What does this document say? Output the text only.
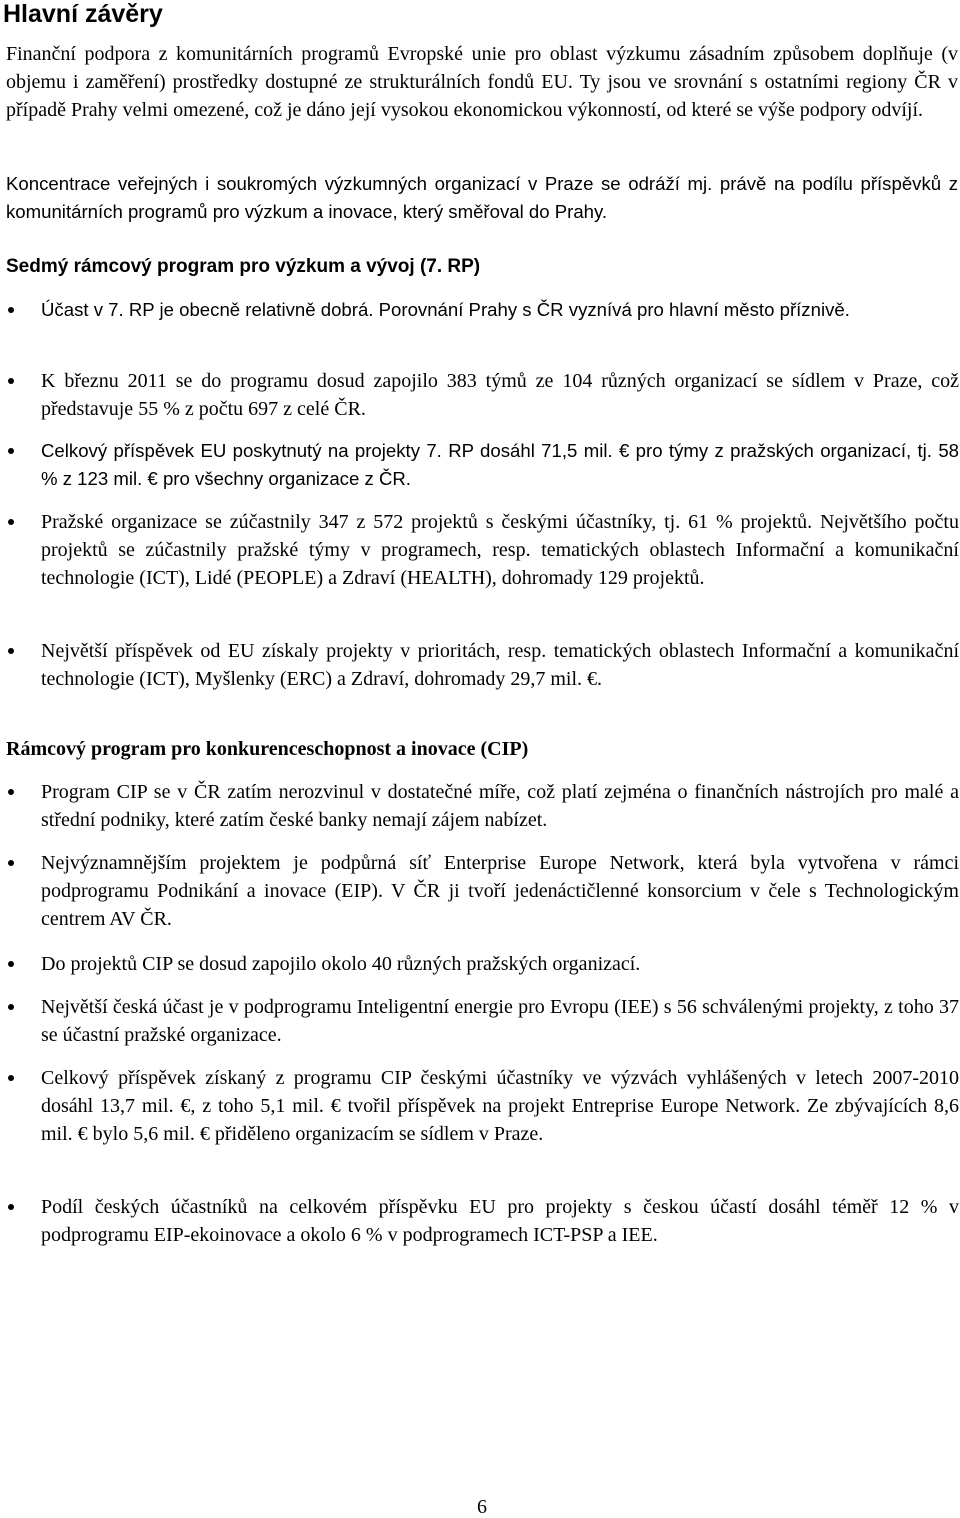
Hlavní závěry

Finanční podpora z komunitárních programů Evropské unie pro oblast výzkumu zásadním způsobem doplňuje (v objemu i zaměření) prostředky dostupné ze strukturálních fondů EU. Ty jsou ve srovnání s ostatními regiony ČR v případě Prahy velmi omezené, což je dáno její vysokou ekonomickou výkonností, od které se výše podpory odvíjí.

Koncentrace veřejných i soukromých výzkumných organizací v Praze se odráží mj. právě na podílu příspěvků z komunitárních programů pro výzkum a inovace, který směřoval do Prahy.

Sedmý rámcový program pro výzkum a vývoj (7. RP)

Účast v 7. RP je obecně relativně dobrá. Porovnání Prahy s ČR vyznívá pro hlavní město příznivě.

K březnu 2011 se do programu dosud zapojilo 383 týmů ze 104 různých organizací se sídlem v Praze, což představuje 55 % z počtu 697 z celé ČR.

Celkový příspěvek EU poskytnutý na projekty 7. RP dosáhl 71,5 mil. € pro týmy z pražských organizací, tj. 58 % z 123 mil. € pro všechny organizace z ČR.

Pražské organizace se zúčastnily 347 z 572 projektů s českými účastníky, tj. 61 % projektů. Největšího počtu projektů se zúčastnily pražské týmy v programech, resp. tematických oblastech Informační a komunikační technologie (ICT), Lidé (PEOPLE) a Zdraví (HEALTH), dohromady 129 projektů.

Největší příspěvek od EU získaly projekty v prioritách, resp. tematických oblastech Informační a komunikační technologie (ICT), Myšlenky (ERC) a Zdraví, dohromady 29,7 mil. €.

Rámcový program pro konkurenceschopnost a inovace (CIP)

Program CIP se v ČR zatím nerozvinul v dostatečné míře, což platí zejména o finančních nástrojích pro malé a střední podniky, které zatím české banky nemají zájem nabízet.

Nejvýznamnějším projektem je podpůrná síť Enterprise Europe Network, která byla vytvořena v rámci podprogramu Podnikání a inovace (EIP). V ČR ji tvoří jedenáctičlenné konsorcium v čele s Technologickým centrem AV ČR.

Do projektů CIP se dosud zapojilo okolo 40 různých pražských organizací.

Největší česká účast je v podprogramu Inteligentní energie pro Evropu (IEE) s 56 schválenými projekty, z toho 37 se účastní pražské organizace.

Celkový příspěvek získaný z programu CIP českými účastníky ve výzvách vyhlášených v letech 2007-2010 dosáhl 13,7 mil. €, z toho 5,1 mil. € tvořil příspěvek na projekt Entreprise Europe Network. Ze zbývajících 8,6 mil. € bylo 5,6 mil. € přiděleno organizacím se sídlem v Praze.

Podíl českých účastníků na celkovém příspěvku EU pro projekty s českou účastí dosáhl téměř 12 % v podprogramu EIP-ekoinovace a okolo 6 % v podprogramech ICT-PSP a IEE.

6
